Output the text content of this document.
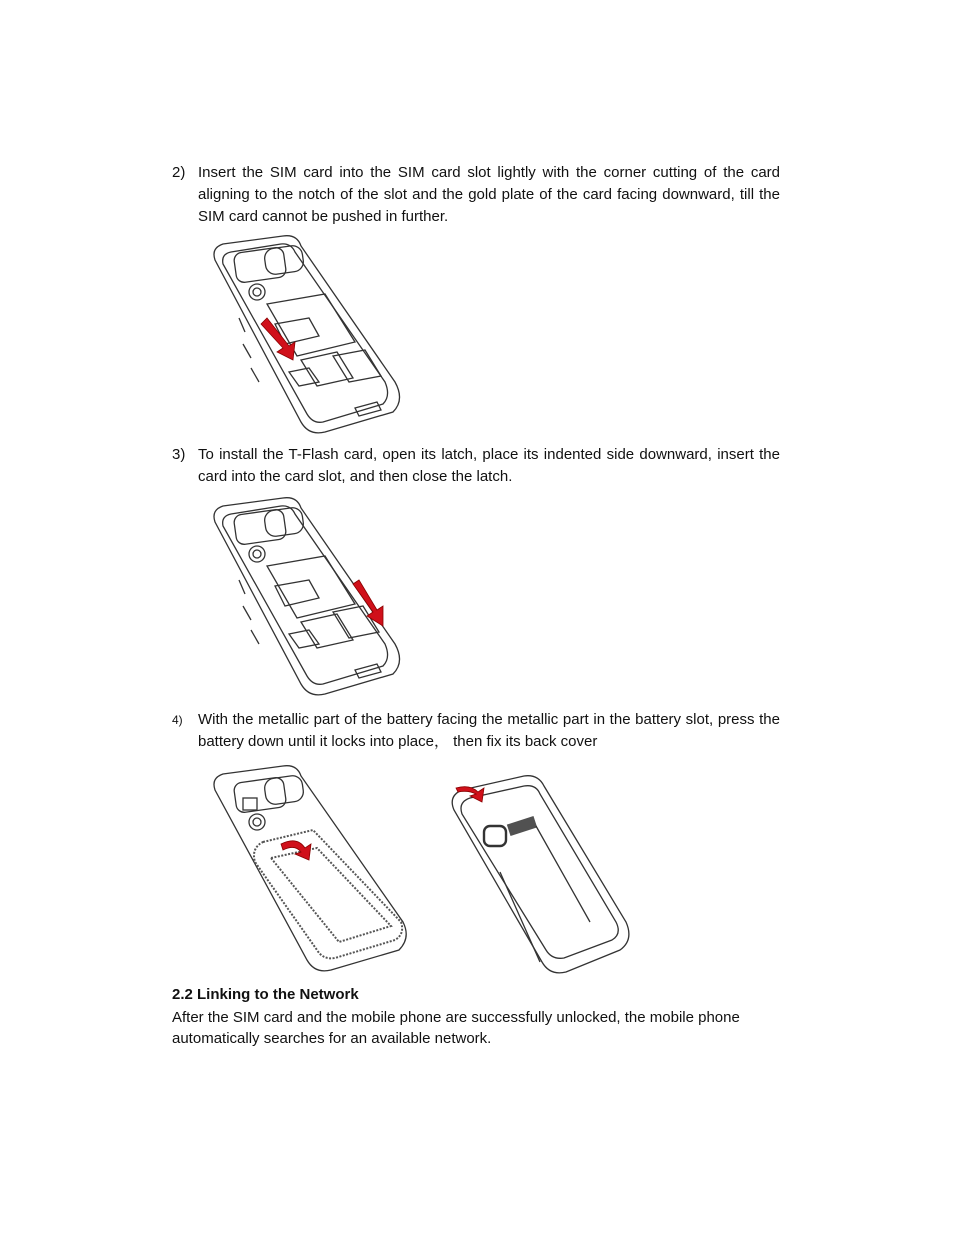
2) Insert the SIM card into the SIM card slot lightly with the corner cutting of the card aligning to the notch of the slot and the gold plate of the card facing downward, till the SIM card cannot be pushed in further.
3) To install the T-Flash card, open its latch, place its indented side downward, insert the card into the card slot, and then close the latch.
4) With the metallic part of the battery facing the metallic part in the battery slot, press the battery down until it locks into place， then fix its back cover
2.2 Linking to the Network
After the SIM card and the mobile phone are successfully unlocked, the mobile phone automatically searches for an available network.
